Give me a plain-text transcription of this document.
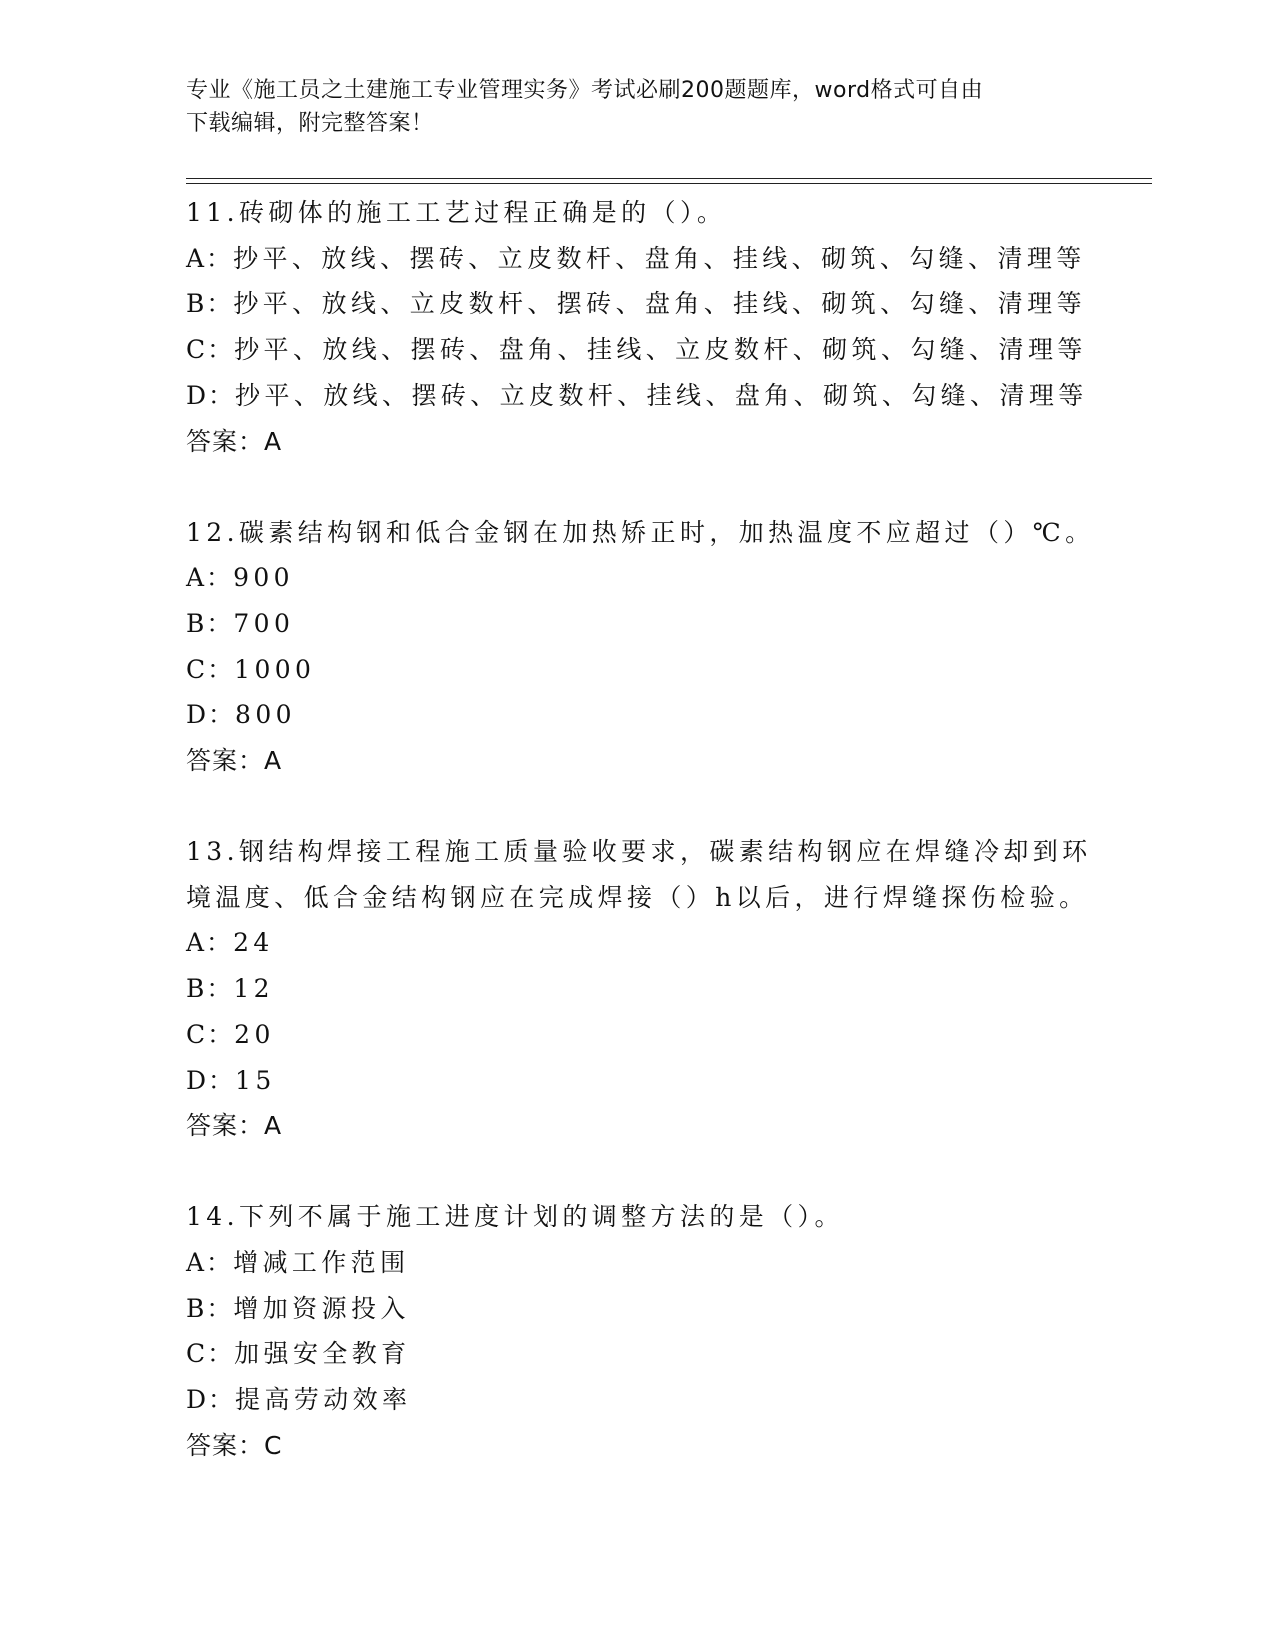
专业《施工员之土建施工专业管理实务》考试必刷200题题库，word格式可自由
下载编辑，附完整答案！
11.砖砌体的施工工艺过程正确是的（）。
A：抄平、放线、摆砖、立皮数杆、盘角、挂线、砌筑、勾缝、清理等
B：抄平、放线、立皮数杆、摆砖、盘角、挂线、砌筑、勾缝、清理等
C：抄平、放线、摆砖、盘角、挂线、立皮数杆、砌筑、勾缝、清理等
D：抄平、放线、摆砖、立皮数杆、挂线、盘角、砌筑、勾缝、清理等
答案：A
12.碳素结构钢和低合金钢在加热矫正时，加热温度不应超过（）℃。
A：900
B：700
C：1000
D：800
答案：A
13.钢结构焊接工程施工质量验收要求，碳素结构钢应在焊缝冷却到环
境温度、低合金结构钢应在完成焊接（）h以后，进行焊缝探伤检验。
A：24
B：12
C：20
D：15
答案：A
14.下列不属于施工进度计划的调整方法的是（）。
A：增减工作范围
B：增加资源投入
C：加强安全教育
D：提高劳动效率
答案：C
